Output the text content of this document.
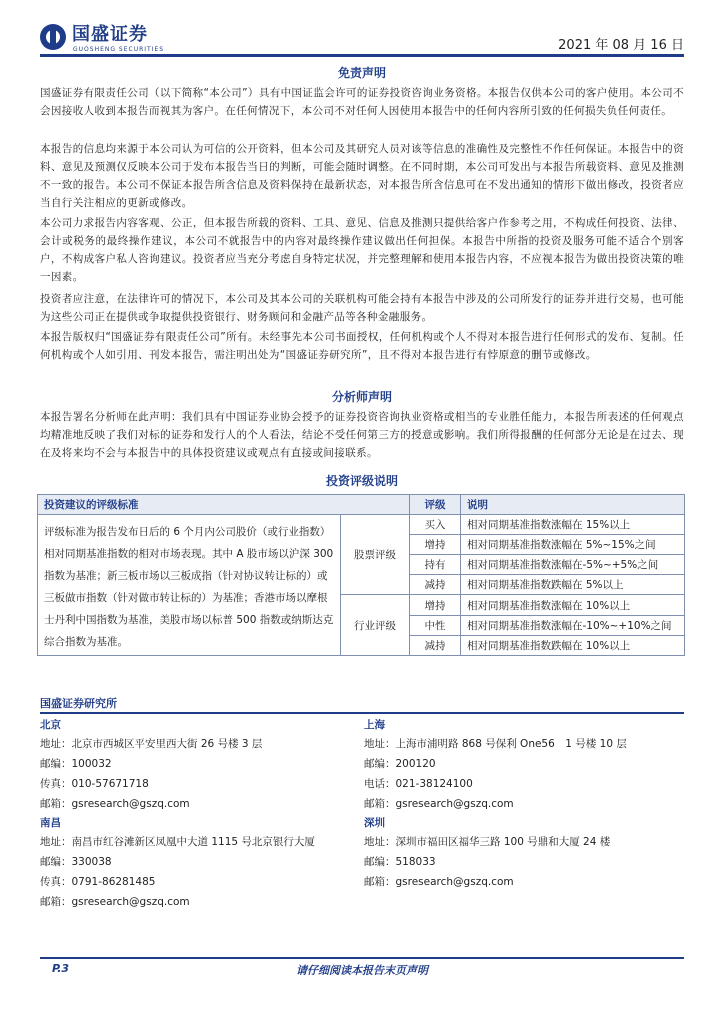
国盛证券
GUOSHENG SECURITIES	2021 年 08 月 16 日
免责声明
国盛证券有限责任公司（以下简称“本公司”）具有中国证监会许可的证券投资咨询业务资格。本报告仅供本公司的客户使用。本公司不会因接收人收到本报告而视其为客户。在任何情况下，本公司不对任何人因使用本报告中的任何内容所引致的任何损失负任何责任。
本报告的信息均来源于本公司认为可信的公开资料，但本公司及其研究人员对该等信息的准确性及完整性不作任何保证。本报告中的资料、意见及预测仅反映本公司于发布本报告当日的判断，可能会随时调整。在不同时期，本公司可发出与本报告所载资料、意见及推测不一致的报告。本公司不保证本报告所含信息及资料保持在最新状态，对本报告所含信息可在不发出通知的情形下做出修改，投资者应当自行关注相应的更新或修改。
本公司力求报告内容客观、公正，但本报告所载的资料、工具、意见、信息及推测只提供给客户作参考之用，不构成任何投资、法律、会计或税务的最终操作建议，本公司不就报告中的内容对最终操作建议做出任何担保。本报告中所指的投资及服务可能不适合个别客户，不构成客户私人咨询建议。投资者应当充分考虑自身特定状况，并完整理解和使用本报告内容，不应视本报告为做出投资决策的唯一因素。
投资者应注意，在法律许可的情况下，本公司及其本公司的关联机构可能会持有本报告中涉及的公司所发行的证券并进行交易，也可能为这些公司正在提供或争取提供投资银行、财务顾问和金融产品等各种金融服务。
本报告版权归“国盛证券有限责任公司”所有。未经事先本公司书面授权，任何机构或个人不得对本报告进行任何形式的发布、复制。任何机构或个人如引用、刊发本报告，需注明出处为“国盛证券研究所”，且不得对本报告进行有悖原意的删节或修改。
分析师声明
本报告署名分析师在此声明：我们具有中国证券业协会授予的证券投资咨询执业资格或相当的专业胜任能力，本报告所表述的任何观点均精准地反映了我们对标的证券和发行人的个人看法，结论不受任何第三方的授意或影响。我们所得报酬的任何部分无论是在过去、现在及将来均不会与本报告中的具体投资建议或观点有直接或间接联系。
投资评级说明
投资建议的评级标准		评级	说明
评级标准为报告发布日后的 6 个月内公司股价（或行业指数）相对同期基准指数的相对市场表现。其中 A 股市场以沪深 300 指数为基准；新三板市场以三板成指（针对协议转让标的）或三板做市指数（针对做市转让标的）为基准；香港市场以摩根士丹利中国指数为基准，美股市场以标普 500 指数或纳斯达克综合指数为基准。	股票评级	买入	相对同期基准指数涨幅在 15%以上
		增持	相对同期基准指数涨幅在 5%~15%之间
		持有	相对同期基准指数涨幅在-5%~+5%之间
		减持	相对同期基准指数跌幅在 5%以上
	行业评级	增持	相对同期基准指数涨幅在 10%以上
		中性	相对同期基准指数涨幅在-10%~+10%之间
		减持	相对同期基准指数跌幅在 10%以上
国盛证券研究所
北京
地址：北京市西城区平安里西大街 26 号楼 3 层
邮编：100032
传真：010-57671718
邮箱：gsresearch@gszq.com
上海
地址：上海市浦明路 868 号保利 One56　1 号楼 10 层
邮编：200120
电话：021-38124100
邮箱：gsresearch@gszq.com
南昌
地址：南昌市红谷滩新区凤凰中大道 1115 号北京银行大厦
邮编：330038
传真：0791-86281485
邮箱：gsresearch@gszq.com
深圳
地址：深圳市福田区福华三路 100 号鼎和大厦 24 楼
邮编：518033
邮箱：gsresearch@gszq.com
P.3	请仔细阅读本报告末页声明
